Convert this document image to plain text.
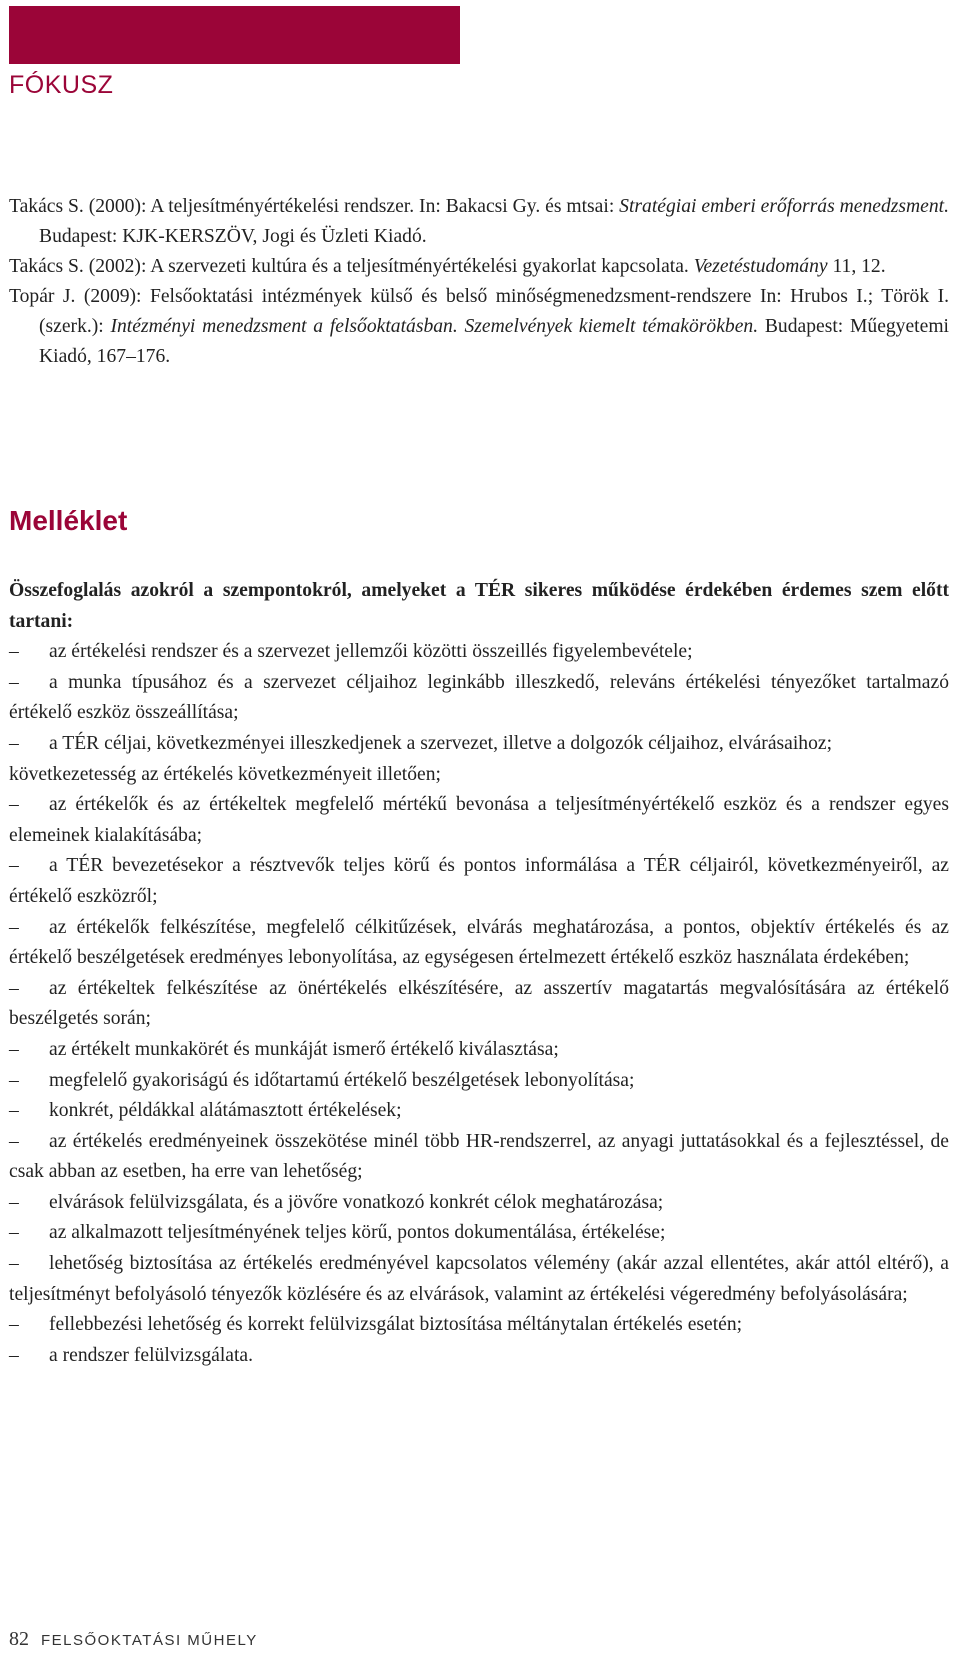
FÓKUSZ

Takács S. (2000): A teljesítményértékelési rendszer. In: Bakacsi Gy. és mtsai: Stratégiai emberi erőforrás menedzsment. Budapest: KJK-KERSZÖV, Jogi és Üzleti Kiadó.

Takács S. (2002): A szervezeti kultúra és a teljesítményértékelési gyakorlat kapcsolata. Vezetéstudomány 11, 12.

Topár J. (2009): Felsőoktatási intézmények külső és belső minőségmenedzsment-rendszere In: Hrubos I.; Török I. (szerk.): Intézményi menedzsment a felsőoktatásban. Szemelvények kiemelt témakörökben. Budapest: Műegyetemi Kiadó, 167–176.

Melléklet

Összefoglalás azokról a szempontokról, amelyeket a TÉR sikeres működése érdekében érdemes szem előtt tartani:

– az értékelési rendszer és a szervezet jellemzői közötti összeillés figyelembevétele;

– a munka típusához és a szervezet céljaihoz leginkább illeszkedő, releváns értékelési tényezőket tartalmazó értékelő eszköz összeállítása;

– a TÉR céljai, következményei illeszkedjenek a szervezet, illetve a dolgozók céljaihoz, elvárásaihoz;

következetesség az értékelés következményeit illetően;

– az értékelők és az értékeltek megfelelő mértékű bevonása a teljesítményértékelő eszköz és a rendszer egyes elemeinek kialakításába;

– a TÉR bevezetésekor a résztvevők teljes körű és pontos informálása a TÉR céljairól, következményeiről, az értékelő eszközről;

– az értékelők felkészítése, megfelelő célkitűzések, elvárás meghatározása, a pontos, objektív értékelés és az értékelő beszélgetések eredményes lebonyolítása, az egységesen értelmezett értékelő eszköz használata érdekében;

– az értékeltek felkészítése az önértékelés elkészítésére, az asszertív magatartás megvalósítására az értékelő beszélgetés során;

– az értékelt munkakörét és munkáját ismerő értékelő kiválasztása;

– megfelelő gyakoriságú és időtartamú értékelő beszélgetések lebonyolítása;

– konkrét, példákkal alátámasztott értékelések;

– az értékelés eredményeinek összekötése minél több HR-rendszerrel, az anyagi juttatásokkal és a fejlesztéssel, de csak abban az esetben, ha erre van lehetőség;

– elvárások felülvizsgálata, és a jövőre vonatkozó konkrét célok meghatározása;

– az alkalmazott teljesítményének teljes körű, pontos dokumentálása, értékelése;

– lehetőség biztosítása az értékelés eredményével kapcsolatos vélemény (akár azzal ellentétes, akár attól eltérő), a teljesítményt befolyásoló tényezők közlésére és az elvárások, valamint az értékelési végeredmény befolyásolására;

– fellebbezési lehetőség és korrekt felülvizsgálat biztosítása méltánytalan értékelés esetén;

– a rendszer felülvizsgálata.

82 FELSŐOKTATÁSI MŰHELY
